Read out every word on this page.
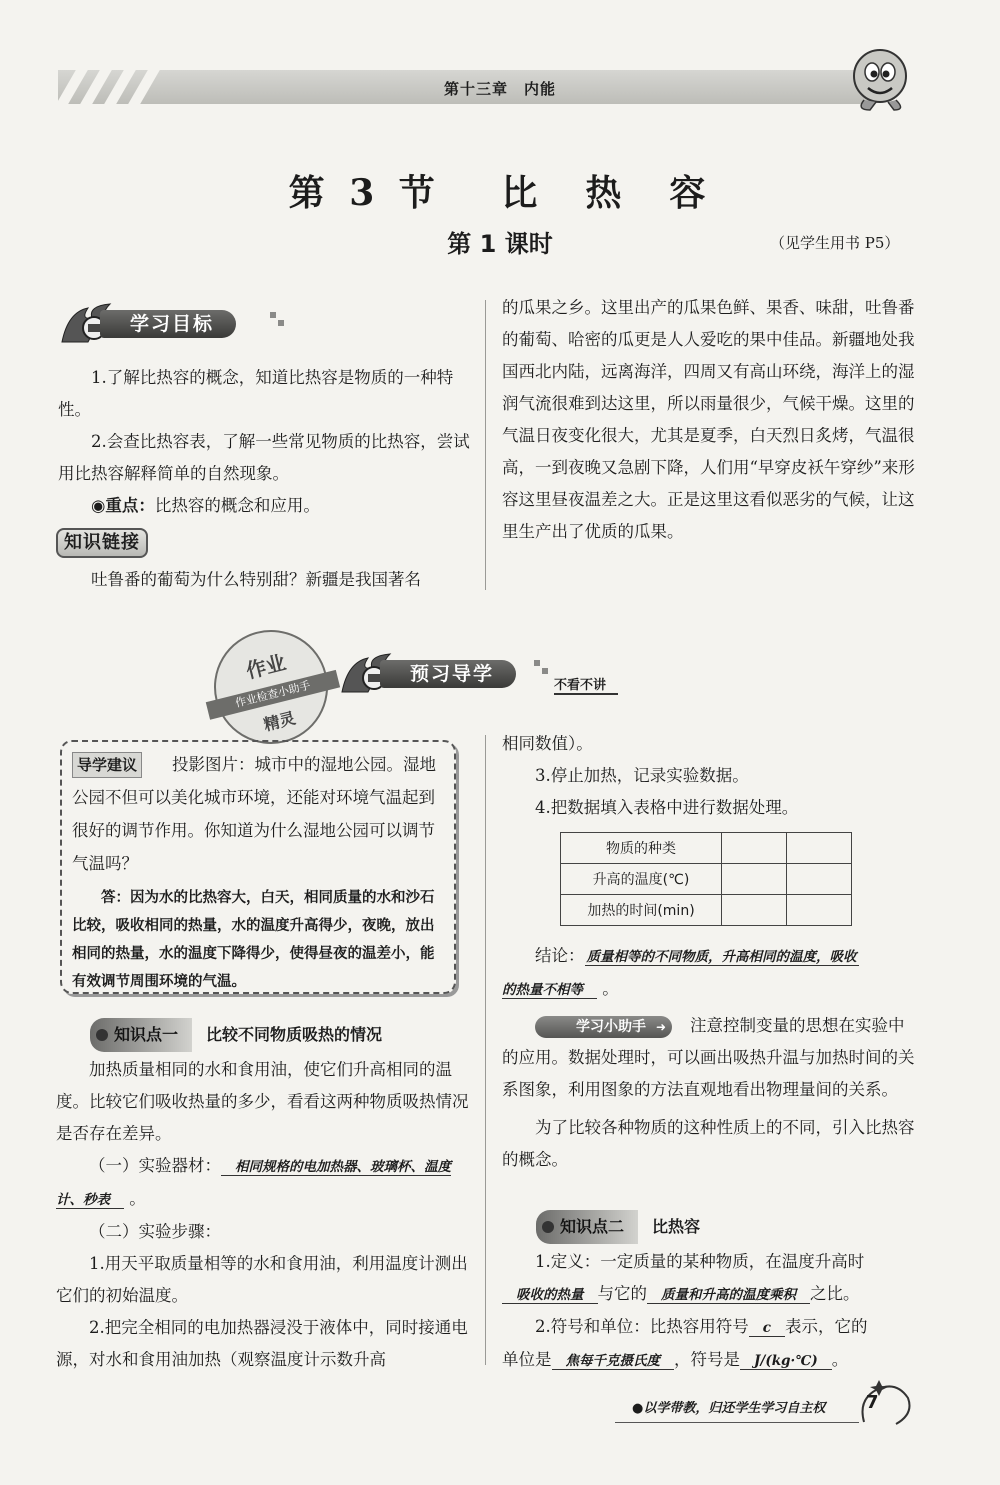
第十三章　内能
第 3 节　 比　热　容
第 1 课时	（见学生用书 P5）
学习目标

1.了解比热容的概念，知道比热容是物质的一种特性。

2.会查比热容表，了解一些常见物质的比热容，尝试用比热容解释简单的自然现象。

◉重点：比热容的概念和应用。

知识链接

吐鲁番的葡萄为什么特别甜？新疆是我国著名

的瓜果之乡。这里出产的瓜果色鲜、果香、味甜，吐鲁番的葡萄、哈密的瓜更是人人爱吃的果中佳品。新疆地处我国西北内陆，远离海洋，四周又有高山环绕，海洋上的湿润气流很难到达这里，所以雨量很少，气候干燥。这里的气温日夜变化很大，尤其是夏季，白天烈日炙烤，气温很高，一到夜晚又急剧下降，人们用“早穿皮袄午穿纱”来形容这里昼夜温差之大。正是这里这看似恶劣的气候，让这里生产出了优质的瓜果。

作业
作业检查小助手
精灵
预习导学
不看不讲

导学建议 投影图片：城市中的湿地公园。湿地公园不但可以美化城市环境，还能对环境气温起到很好的调节作用。你知道为什么湿地公园可以调节气温吗？

答：因为水的比热容大，白天，相同质量的水和沙石比较，吸收相同的热量，水的温度升高得少，夜晚，放出相同的热量，水的温度下降得少，使得昼夜的温差小，能有效调节周围环境的气温。

知识点一 比较不同物质吸热的情况

加热质量相同的水和食用油，使它们升高相同的温度。比较它们吸收热量的多少，看看这两种物质吸热情况是否存在差异。

（一）实验器材： 相同规格的电加热器、玻璃杯、温度计、秒表 。

（二）实验步骤：

1.用天平取质量相等的水和食用油，利用温度计测出它们的初始温度。

2.把完全相同的电加热器浸没于液体中，同时接通电源，对水和食用油加热（观察温度计示数升高

相同数值）。

3.停止加热，记录实验数据。

4.把数据填入表格中进行数据处理。

物质的种类		
升高的温度(℃)		
加热的时间(min)		

结论： 质量相等的不同物质，升高相同的温度，吸收

的热量不相等 。

学习小助手 ➜ 注意控制变量的思想在实验中的应用。数据处理时，可以画出吸热升温与加热时间的关系图象，利用图象的方法直观地看出物理量间的关系。

为了比较各种物质的这种性质上的不同，引入比热容的概念。

知识点二 比热容

1.定义：一定质量的某种物质，在温度升高时

吸收的热量 与它的 质量和升高的温度乘积 之比。

2.符号和单位：比热容用符号 c 表示，它的

单位是 焦每千克摄氏度 ，符号是 J/(kg·℃) 。

●以学带教，归还学生学习自主权 7
